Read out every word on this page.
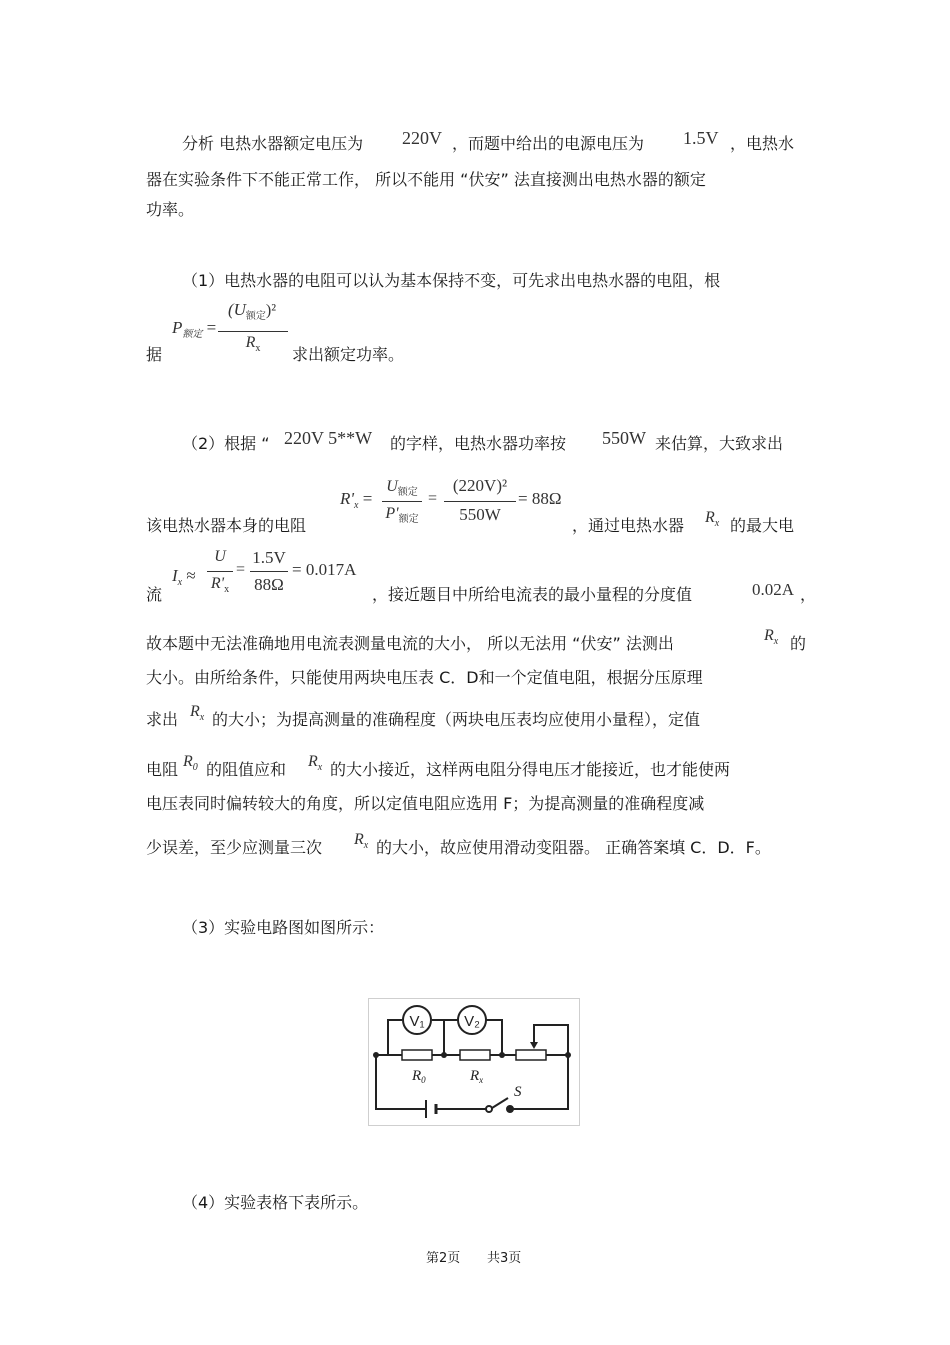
分析 电热水器额定电压为 220V ，而题中给出的电源电压为 1.5V ，电热水
器在实验条件下不能正常工作， 所以不能用 “伏安” 法直接测出电热水器的额定
功率。
（1）电热水器的电阻可以认为基本保持不变，可先求出电热水器的电阻，根
据
$P_{额定}$ =
$(U_{额定})^2$
$R_x$	求出额定功率。
（2）根据 “ 220V 5**W 的字样，电热水器功率按 550W 来估算，大致求出
$R'_x$ =
$U_{额定}$
$P'_{额定}$
=
(220V)²
550W
= 88Ω
该电热水器本身的电阻	，通过电热水器 $R_x$ 的最大电
$I_x$ ≈
U
$R'_x$
=
1.5V
88Ω
= 0.017A
流	，接近题目中所给电流表的最小量程的分度值	0.02A ，
故本题中无法准确地用电流表测量电流的大小， 所以无法用 “伏安” 法测出	$R_x$ 的
大小。由所给条件，只能使用两块电压表 C．D和一个定值电阻，根据分压原理
求出 $R_x$ 的大小；为提高测量的准确程度（两块电压表均应使用小量程），定值
电阻 $R_0$ 的阻值应和 $R_x$ 的大小接近，这样两电阻分得电压才能接近，也才能使两
电压表同时偏转较大的角度，所以定值电阻应选用 F；为提高测量的准确程度减
少误差，至少应测量三次 $R_x$ 的大小，故应使用滑动变阻器。 正确答案填 C．D．F。
（3）实验电路图如图所示：
V₁	V₂
$R_0$	$R_x$
S
（4）实验表格下表所示。
第2页 共3页
